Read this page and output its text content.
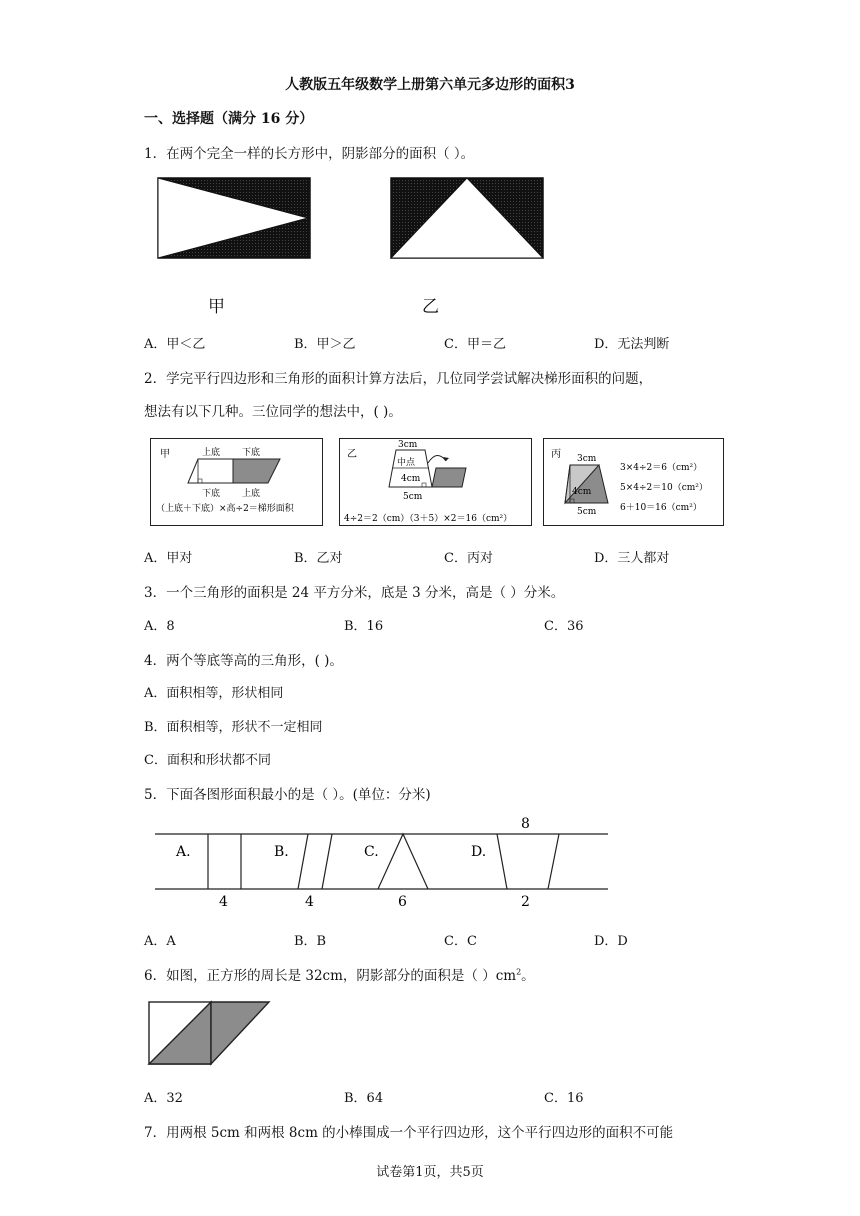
人教版五年级数学上册第六单元多边形的面积3
一、选择题（满分 16 分）
1．在两个完全一样的长方形中，阴影部分的面积（ ）。
甲	乙
A．甲＜乙	B．甲＞乙	C．甲＝乙	D．无法判断
2．学完平行四边形和三角形的面积计算方法后，几位同学尝试解决梯形面积的问题，
想法有以下几种。三位同学的想法中，( )。
甲	上底 下底
下底 上底
（上底＋下底）×高÷2＝梯形面积
乙
3cm
中点
4cm
5cm
4÷2＝2（cm）（3＋5）×2＝16（cm²）
丙 3cm
4cm
5cm
3×4÷2＝6（cm²）
5×4÷2＝10（cm²）
6＋10＝16（cm²）
A．甲对	B．乙对	C．丙对	D．三人都对
3．一个三角形的面积是 24 平方分米，底是 3 分米，高是（ ）分米。
A．8	B．16	C．36
4．两个等底等高的三角形，( )。
A．面积相等，形状相同
B．面积相等，形状不一定相同
C．面积和形状都不同
5．下面各图形面积最小的是（ ）。(单位：分米)
A.	B.	C.	D.
8
4	4	6	2
A．A	B．B	C．C	D．D
6．如图，正方形的周长是 32cm，阴影部分的面积是（ ）$cm^2$。
A．32	B．64	C．16
7．用两根 5cm 和两根 8cm 的小棒围成一个平行四边形，这个平行四边形的面积不可能
试卷第1页，共5页
